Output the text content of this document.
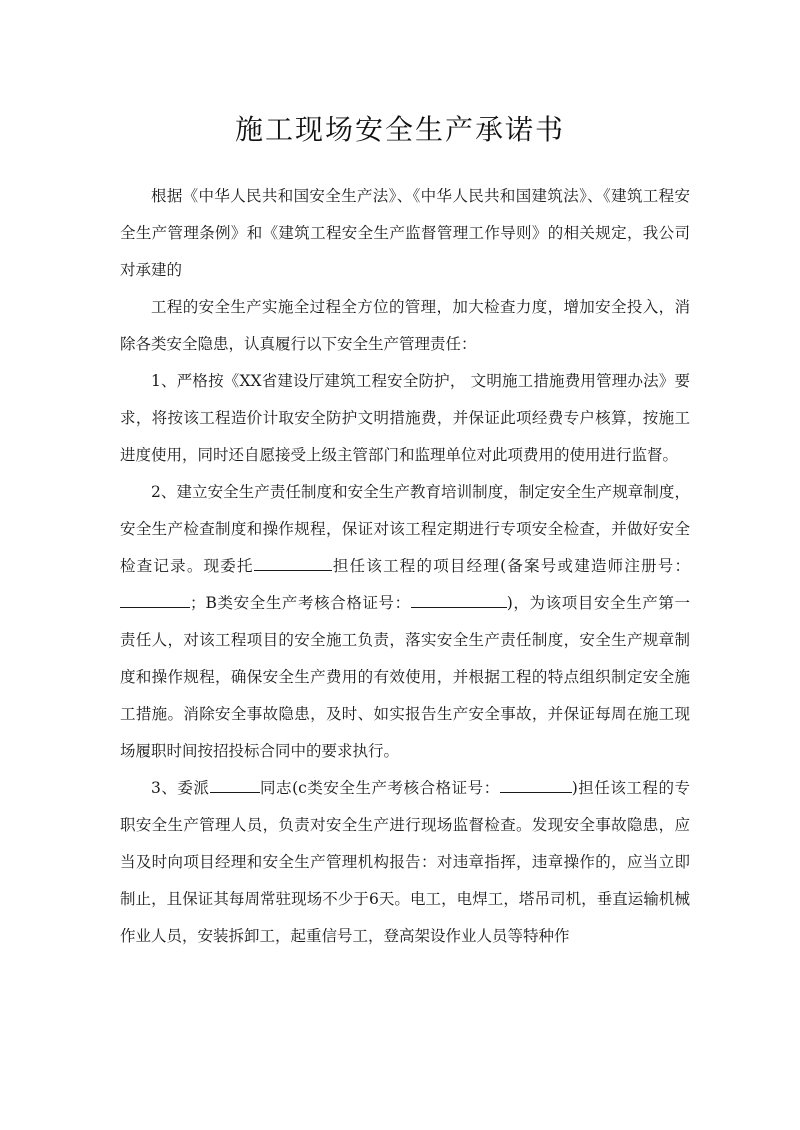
施工现场安全生产承诺书

根据《中华人民共和国安全生产法》、《中华人民共和国建筑法》、《建筑工程安全生产管理条例》和《建筑工程安全生产监督管理工作导则》的相关规定，我公司对承建的

工程的安全生产实施全过程全方位的管理，加大检查力度，增加安全投入，消除各类安全隐患，认真履行以下安全生产管理责任：

1、严格按《XX省建设厅建筑工程安全防护， 文明施工措施费用管理办法》要求，将按该工程造价计取安全防护文明措施费，并保证此项经费专户核算，按施工进度使用，同时还自愿接受上级主管部门和监理单位对此项费用的使用进行监督。

2、建立安全生产责任制度和安全生产教育培训制度，制定安全生产规章制度，安全生产检查制度和操作规程，保证对该工程定期进行专项安全检查，并做好安全检查记录。现委托	担任该工程的项目经理(备案号或建造师注册号：；B类安全生产考核合格证号：	)，为该项目安全生产第一责任人，对该工程项目的安全施工负责，落实安全生产责任制度，安全生产规章制度和操作规程，确保安全生产费用的有效使用，并根据工程的特点组织制定安全施工措施。消除安全事故隐患，及时、如实报告生产安全事故，并保证每周在施工现场履职时间按招投标合同中的要求执行。

3、委派	同志(c类安全生产考核合格证号：	)担任该工程的专职安全生产管理人员，负责对安全生产进行现场监督检查。发现安全事故隐患，应当及时向项目经理和安全生产管理机构报告：对违章指挥，违章操作的，应当立即制止，且保证其每周常驻现场不少于6天。电工，电焊工，塔吊司机，垂直运输机械作业人员，安装拆卸工，起重信号工，登高架设作业人员等特种作
